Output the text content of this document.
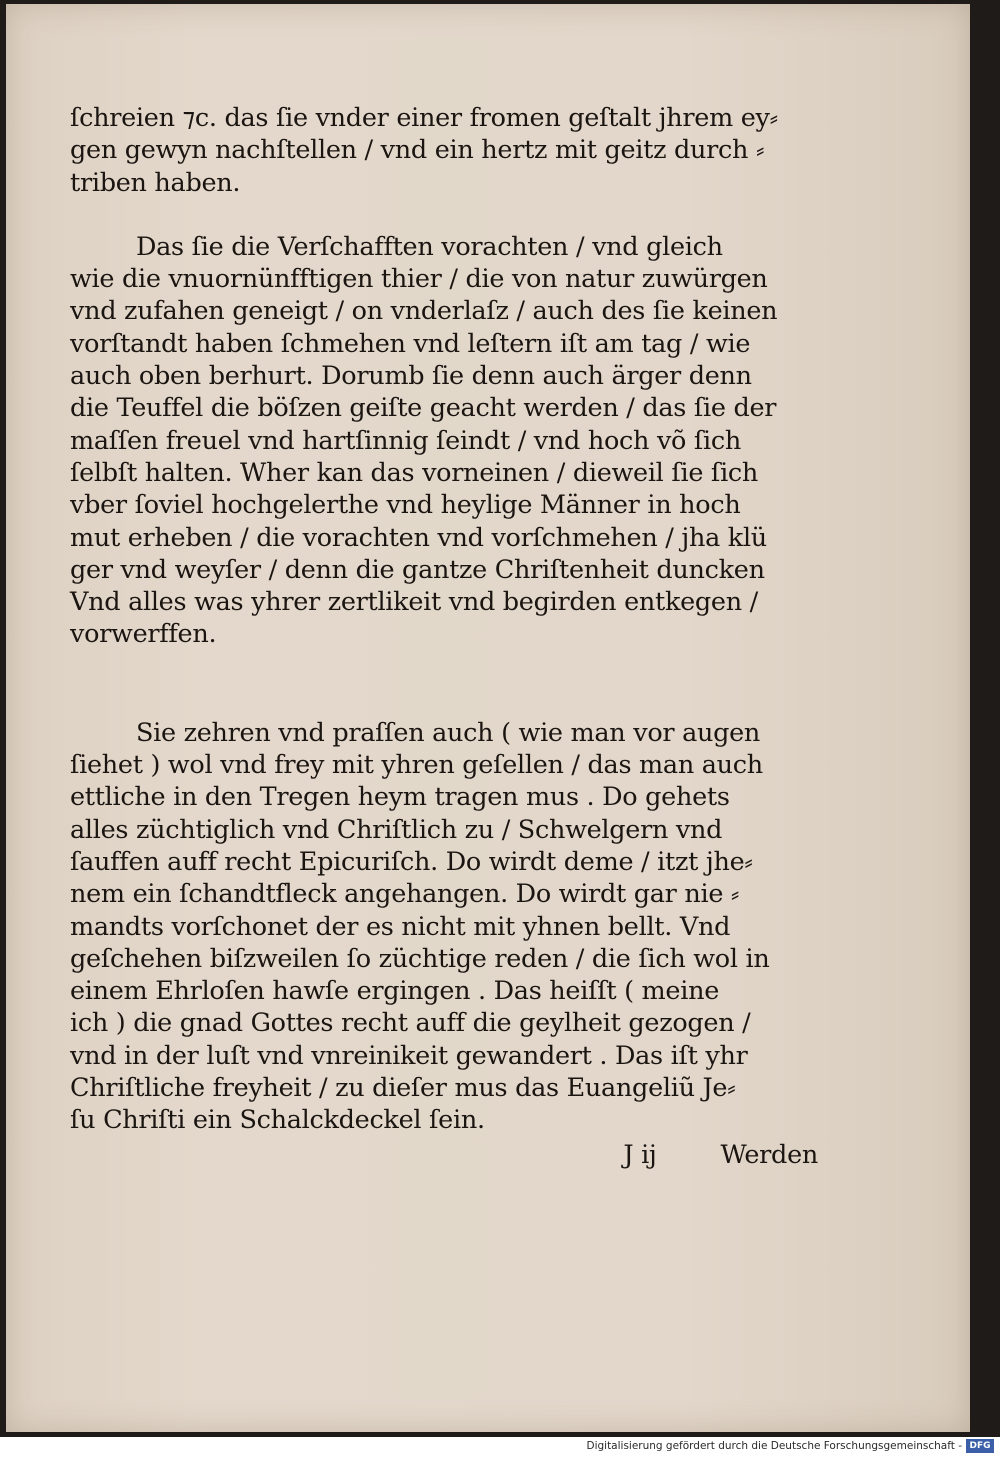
ſchreien ⁊c. das ſie vnder einer fromen geſtalt jhrem ey⸗
gen gewyn nachſtellen / vnd ein hertz mit geitz durch ⸗
triben haben.
Das ſie die Verſchafften vorachten / vnd gleich
wie die vnuornünfftigen thier / die von natur zuwürgen
vnd zufahen geneigt / on vnderlaſz / auch des ſie keinen
vorſtandt haben ſchmehen vnd leſtern iſt am tag / wie
auch oben berhurt. Dorumb ſie denn auch ärger denn
die Teuffel die böſzen geiſte geacht werden / das ſie der
maſſen freuel vnd hartſinnig ſeindt / vnd hoch võ ſich
ſelbſt halten. Wher kan das vorneinen / dieweil ſie ſich
vber ſoviel hochgelerthe vnd heylige Männer in hoch
mut erheben / die vorachten vnd vorſchmehen / jha klü
ger vnd weyſer / denn die gantze Chriſtenheit duncken
Vnd alles was yhrer zertlikeit vnd begirden entkegen /
vorwerffen.
Sie zehren vnd praſſen auch ( wie man vor augen
ſiehet ) wol vnd frey mit yhren geſellen / das man auch
ettliche in den Tregen heym tragen mus . Do gehets
alles züchtiglich vnd Chriſtlich zu / Schwelgern vnd
ſauffen auff recht Epicuriſch. Do wirdt deme / itzt jhe⸗
nem ein ſchandtfleck angehangen. Do wirdt gar nie ⸗
mandts vorſchonet der es nicht mit yhnen bellt. Vnd
geſchehen biſzweilen ſo züchtige reden / die ſich wol in
einem Ehrloſen hawſe ergingen . Das heiſſt ( meine
ich ) die gnad Gottes recht auff die geylheit gezogen /
vnd in der luſt vnd vnreinikeit gewandert . Das iſt yhr
Chriſtliche freyheit / zu dieſer mus das Euangeliũ Je⸗
ſu Chriſti ein Schalckdeckel ſein.
J ij	Werden
Digitalisierung gefördert durch die Deutsche Forschungsgemeinschaft - DFG
